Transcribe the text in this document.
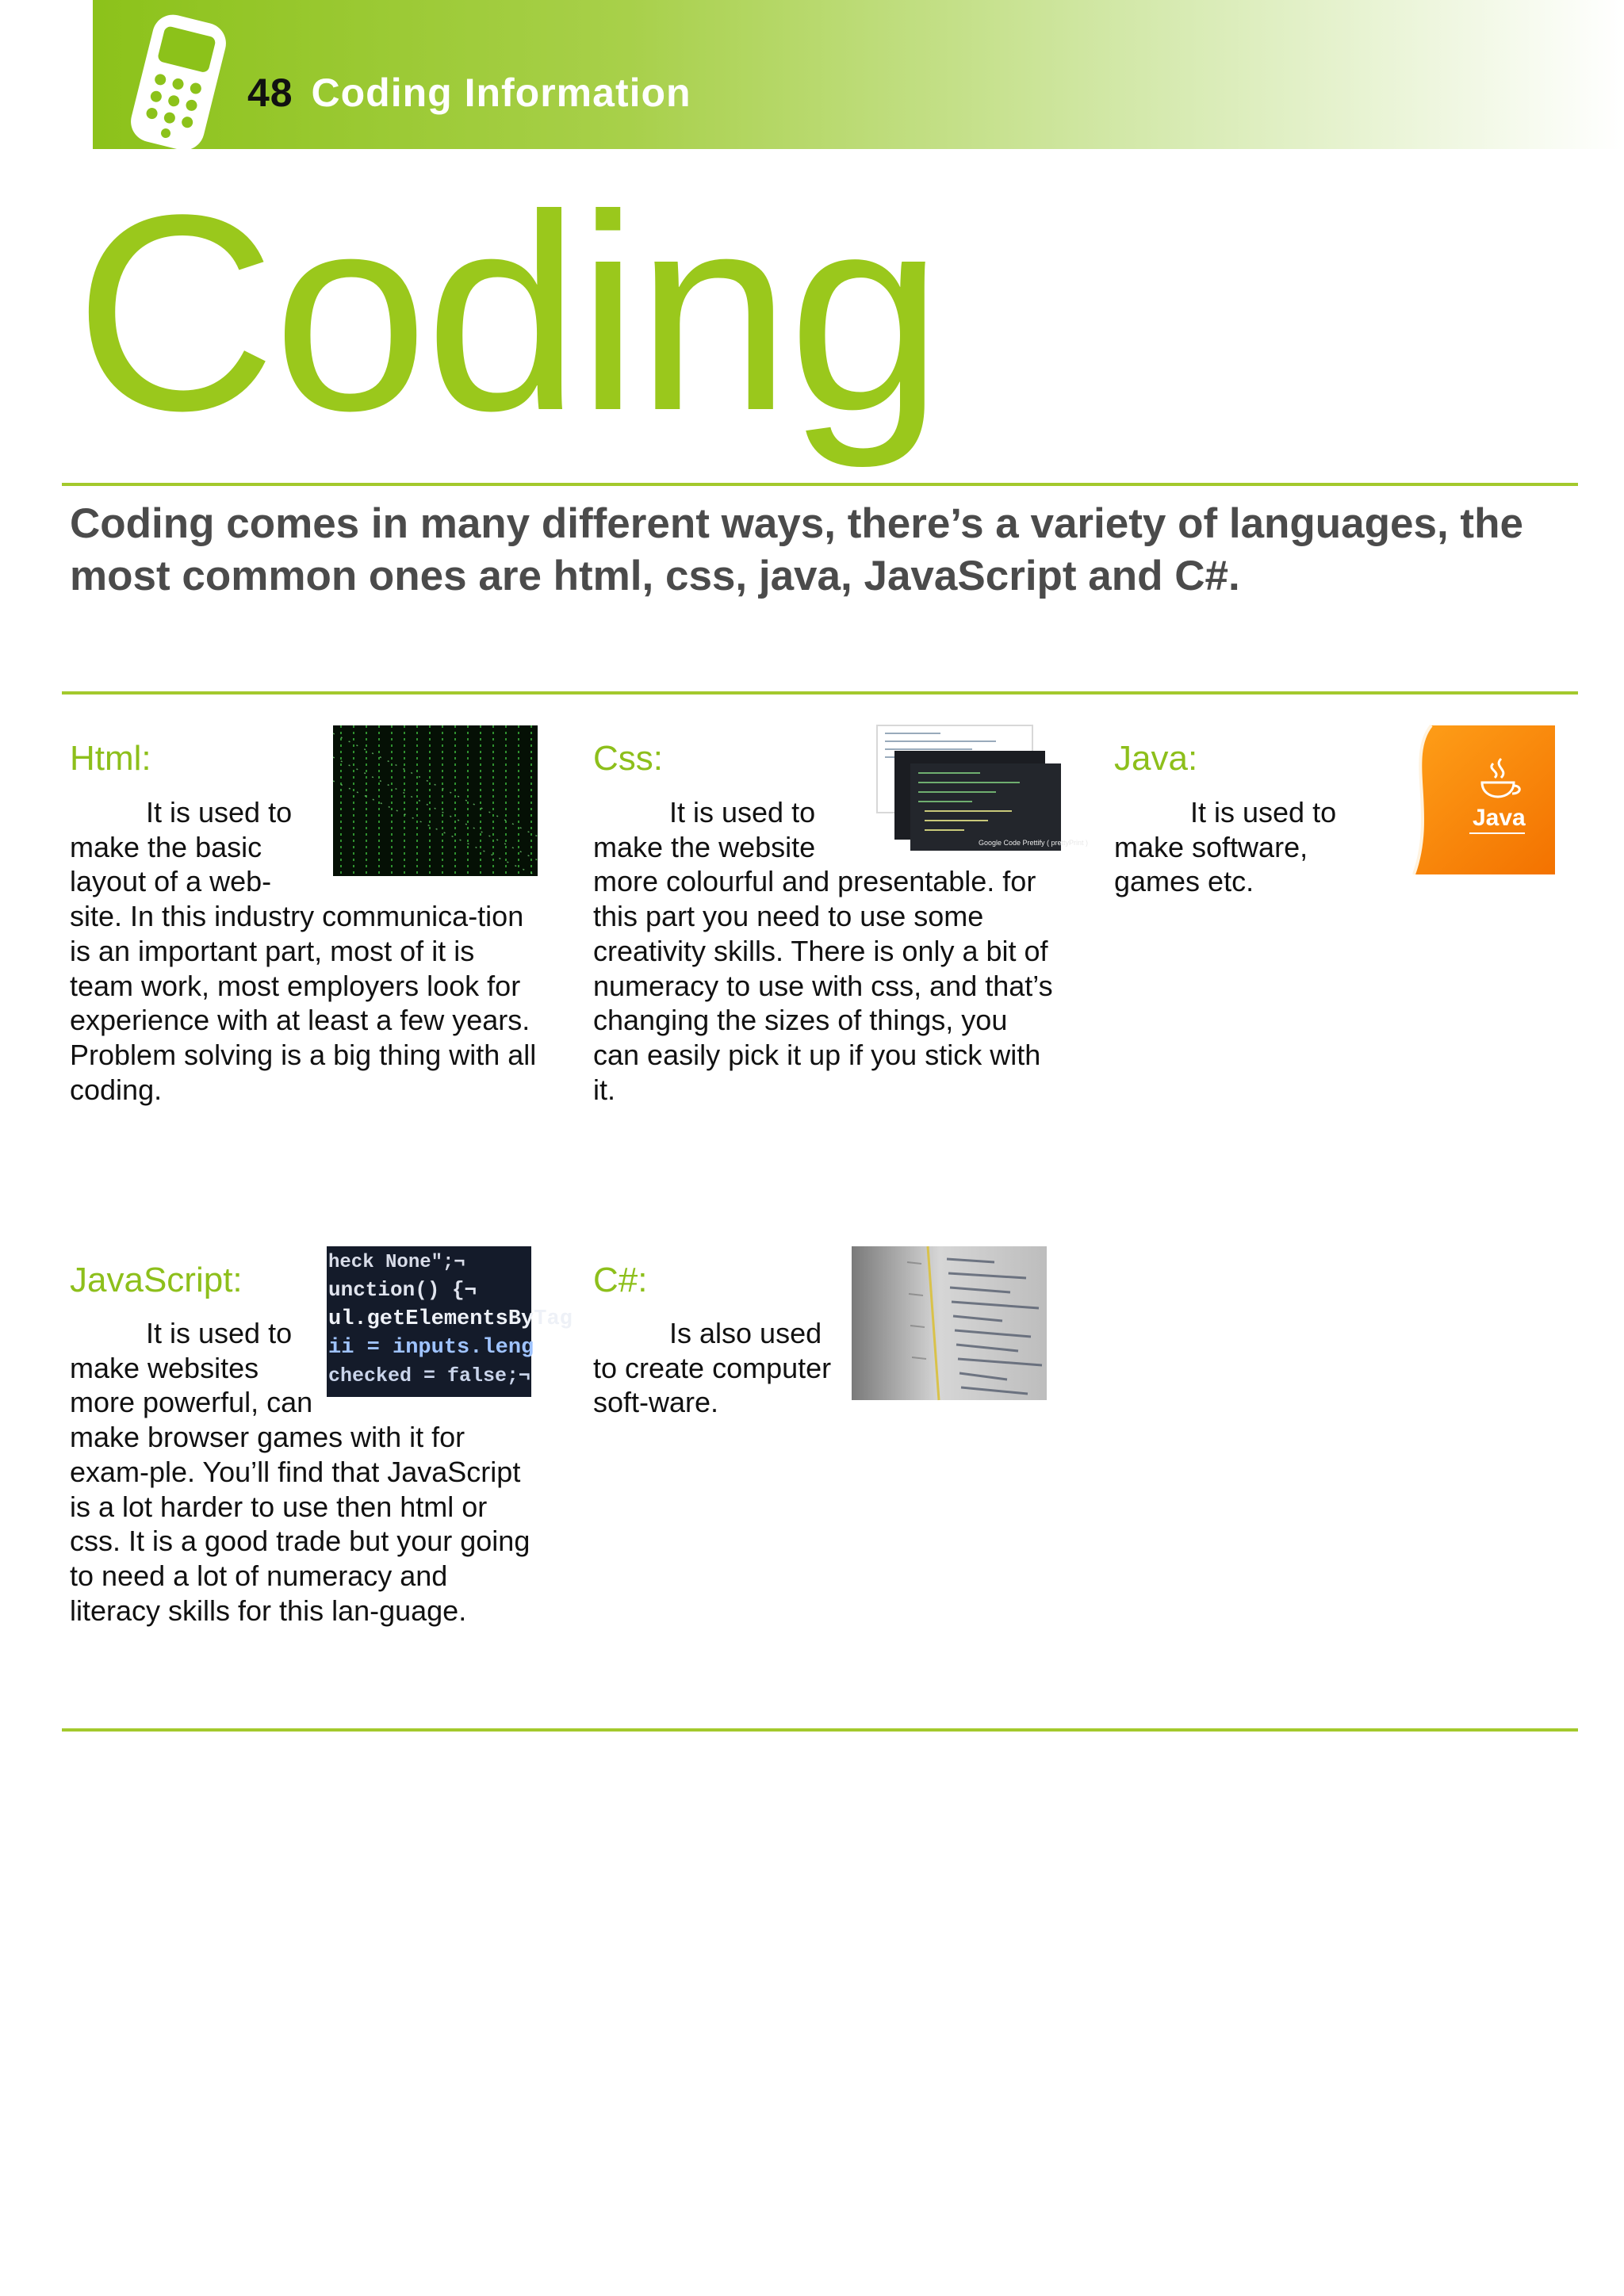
48 Coding Information
Coding
Coding comes in many different ways, there’s a variety of languages, the most common ones are html, css, java, JavaScript and C#.
Html:
It is used to make the basic layout of a web-site. In this industry communica-tion is an important part, most of it is team work, most employers look for experience with at least a few years. Problem solving is a big thing with all coding.
Css:
Google Code Prettify ( prettyPrint )
It is used to make the website more colourful and presentable. for this part you need to use some creativity skills. There is only a bit of numeracy to use with css, and that’s changing the sizes of things, you can easily pick it up if you stick with it.
Java:
Java
It is used to make software, games etc.
JavaScript:	heck None";¬
unction() {¬
ul.getElementsByTag
ii = inputs.leng
checked = false;¬
It is used to make websites more powerful, can make browser games with it for exam-ple. You’ll find that JavaScript is a lot harder to use then html or css. It is a good trade but your going to need a lot of numeracy and literacy skills for this lan-guage.
C#:
Is also used to create computer soft-ware.
